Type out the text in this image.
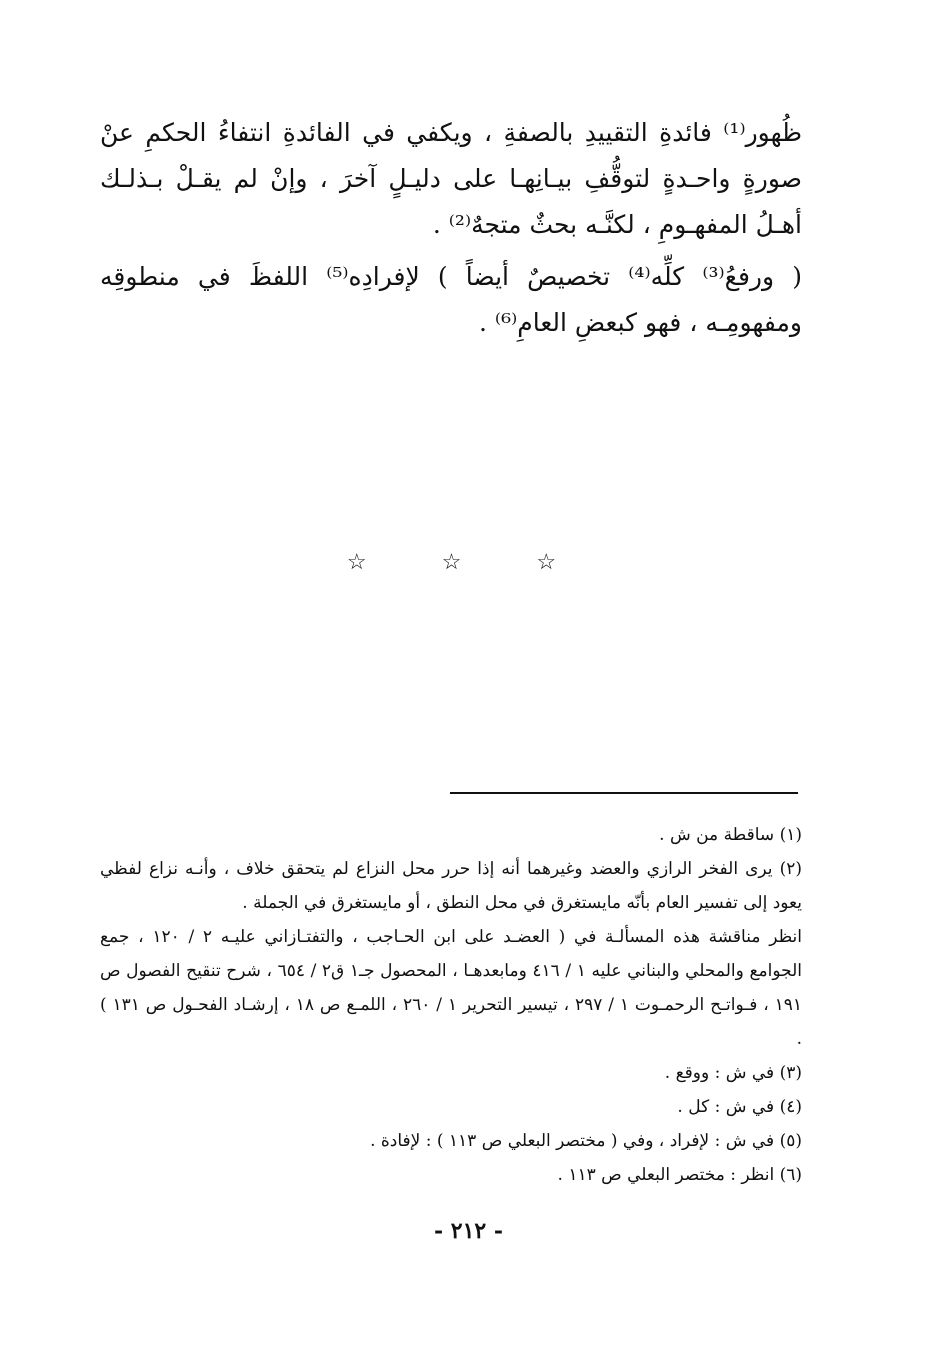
ظُهور⁽¹⁾ فائدةِ التقييدِ بالصفةِ ، ويكفي في الفائدةِ انتفاءُ الحكمِ عنْ صورةٍ واحـدةٍ لتوقُّفِ بيـانِهـا على دليـلٍ آخرَ ، وإنْ لم يقـلْ بـذلـك أهـلُ المفهـومِ ، لكنَّـه بحثٌ متجهٌ⁽²⁾ .

( ورفعُ⁽³⁾ كلِّه⁽⁴⁾ تخصيصٌ أيضاً ) لإفرادِه⁽⁵⁾ اللفظَ في منطوقِه ومفهومِـه ، فهو كبعضِ العامِ⁽⁶⁾ .

☆ ☆ ☆

(١) ساقطة من ش .

(٢) يرى الفخر الرازي والعضد وغيرهما أنه إذا حرر محل النزاع لم يتحقق خلاف ، وأنـه نزاع لفظي يعود إلى تفسير العام بأنّه مايستغرق في محل النطق ، أو مايستغرق في الجملة .

انظر مناقشة هذه المسألـة في ( العضـد على ابن الحـاجب ، والتفتـازاني عليـه ٢ / ١٢٠ ، جمع الجوامع والمحلي والبناني عليه ١ / ٤١٦ ومابعدهـا ، المحصول جـ١ ق٢ / ٦٥٤ ، شرح تنقيح الفصول ص ١٩١ ، فـواتـح الرحمـوت ١ / ٢٩٧ ، تيسير التحرير ١ / ٢٦٠ ، اللمـع ص ١٨ ، إرشـاد الفحـول ص ١٣١ ) .

(٣) في ش : ووقع .

(٤) في ش : كل .

(٥) في ش : لإفراد ، وفي ( مختصر البعلي ص ١١٣ ) : لإفادة .

(٦) انظر : مختصر البعلي ص ١١٣ .

- ٢١٢ -
